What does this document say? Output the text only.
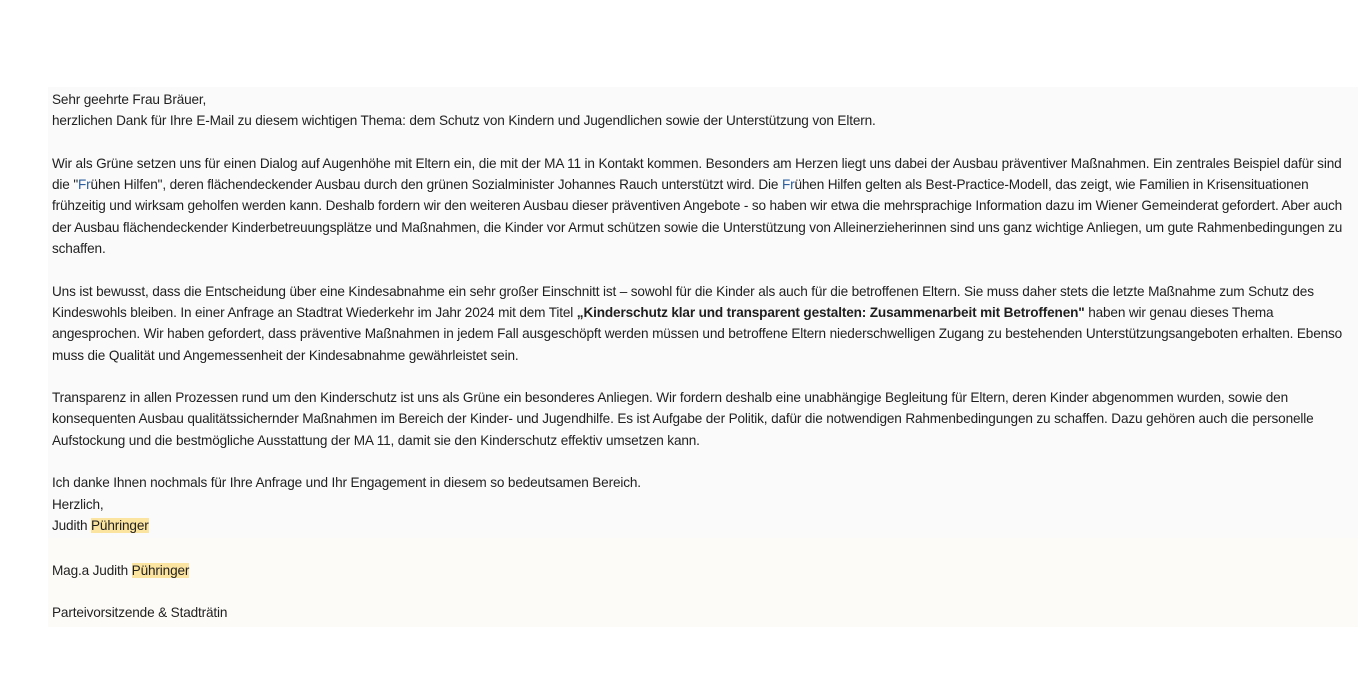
Sehr geehrte Frau Bräuer,

herzlichen Dank für Ihre E-Mail zu diesem wichtigen Thema: dem Schutz von Kindern und Jugendlichen sowie der Unterstützung von Eltern.

Wir als Grüne setzen uns für einen Dialog auf Augenhöhe mit Eltern ein, die mit der MA 11 in Kontakt kommen. Besonders am Herzen liegt uns dabei der Ausbau präventiver Maßnahmen. Ein zentrales Beispiel dafür sind die "Frühen Hilfen", deren flächendeckender Ausbau durch den grünen Sozialminister Johannes Rauch unterstützt wird. Die Frühen Hilfen gelten als Best-Practice-Modell, das zeigt, wie Familien in Krisensituationen frühzeitig und wirksam geholfen werden kann. Deshalb fordern wir den weiteren Ausbau dieser präventiven Angebote - so haben wir etwa die mehrsprachige Information dazu im Wiener Gemeinderat gefordert. Aber auch der Ausbau flächendeckender Kinderbetreuungsplätze und Maßnahmen, die Kinder vor Armut schützen sowie die Unterstützung von Alleinerzieherinnen sind uns ganz wichtige Anliegen, um gute Rahmenbedingungen zu schaffen.

Uns ist bewusst, dass die Entscheidung über eine Kindesabnahme ein sehr großer Einschnitt ist – sowohl für die Kinder als auch für die betroffenen Eltern. Sie muss daher stets die letzte Maßnahme zum Schutz des Kindeswohls bleiben. In einer Anfrage an Stadtrat Wiederkehr im Jahr 2024 mit dem Titel „Kinderschutz klar und transparent gestalten: Zusammenarbeit mit Betroffenen" haben wir genau dieses Thema angesprochen. Wir haben gefordert, dass präventive Maßnahmen in jedem Fall ausgeschöpft werden müssen und betroffene Eltern niederschwelligen Zugang zu bestehenden Unterstützungsangeboten erhalten. Ebenso muss die Qualität und Angemessenheit der Kindesabnahme gewährleistet sein.

Transparenz in allen Prozessen rund um den Kinderschutz ist uns als Grüne ein besonderes Anliegen. Wir fordern deshalb eine unabhängige Begleitung für Eltern, deren Kinder abgenommen wurden, sowie den konsequenten Ausbau qualitätssichernder Maßnahmen im Bereich der Kinder- und Jugendhilfe. Es ist Aufgabe der Politik, dafür die notwendigen Rahmenbedingungen zu schaffen. Dazu gehören auch die personelle Aufstockung und die bestmögliche Ausstattung der MA 11, damit sie den Kinderschutz effektiv umsetzen kann.

Ich danke Ihnen nochmals für Ihre Anfrage und Ihr Engagement in diesem so bedeutsamen Bereich.
Herzlich,
Judith Pühringer
Mag.a Judith Pühringer
Parteivorsitzende & Stadträtin
